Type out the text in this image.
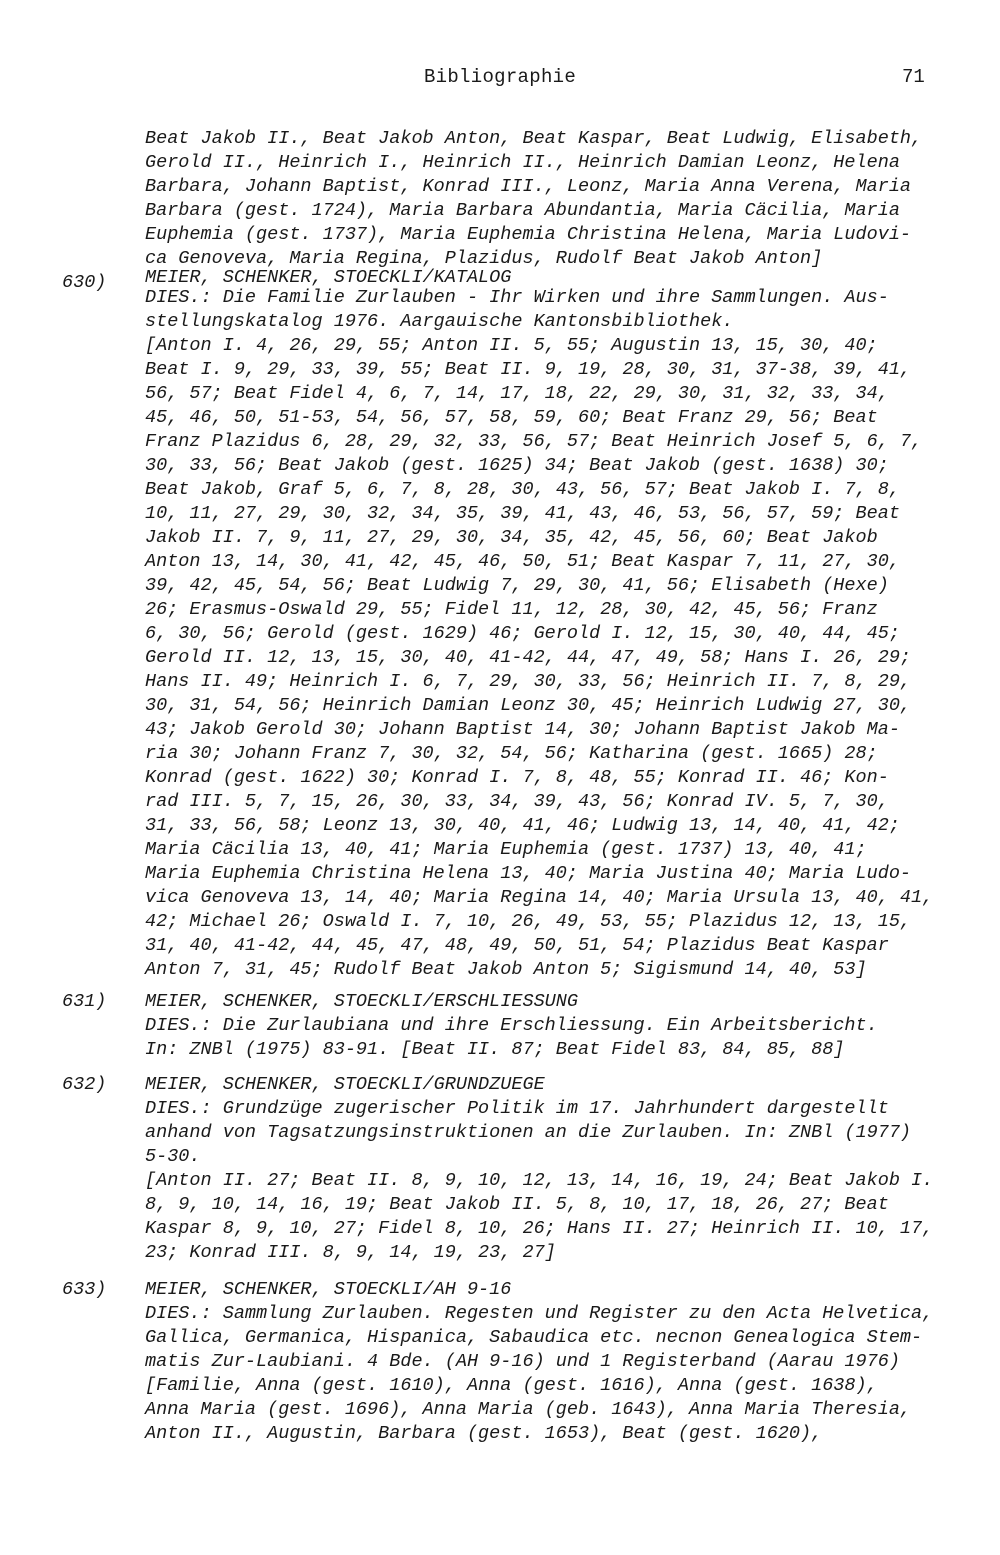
Bibliographie	71
Beat Jakob II., Beat Jakob Anton, Beat Kaspar, Beat Ludwig, Elisabeth,
Gerold II., Heinrich I., Heinrich II., Heinrich Damian Leonz, Helena
Barbara, Johann Baptist, Konrad III., Leonz, Maria Anna Verena, Maria
Barbara (gest. 1724), Maria Barbara Abundantia, Maria Cäcilia, Maria
Euphemia (gest. 1737), Maria Euphemia Christina Helena, Maria Ludovi-
ca Genoveva, Maria Regina, Plazidus, Rudolf Beat Jakob Anton]
630) MEIER, SCHENKER, STOECKLI/KATALOG
DIES.: Die Familie Zurlauben - Ihr Wirken und ihre Sammlungen. Aus-
stellungskatalog 1976. Aargauische Kantonsbibliothek.
[Anton I. 4, 26, 29, 55; Anton II. 5, 55; Augustin 13, 15, 30, 40;
Beat I. 9, 29, 33, 39, 55; Beat II. 9, 19, 28, 30, 31, 37-38, 39, 41,
56, 57; Beat Fidel 4, 6, 7, 14, 17, 18, 22, 29, 30, 31, 32, 33, 34,
45, 46, 50, 51-53, 54, 56, 57, 58, 59, 60; Beat Franz 29, 56; Beat
Franz Plazidus 6, 28, 29, 32, 33, 56, 57; Beat Heinrich Josef 5, 6, 7,
30, 33, 56; Beat Jakob (gest. 1625) 34; Beat Jakob (gest. 1638) 30;
Beat Jakob, Graf 5, 6, 7, 8, 28, 30, 43, 56, 57; Beat Jakob I. 7, 8,
10, 11, 27, 29, 30, 32, 34, 35, 39, 41, 43, 46, 53, 56, 57, 59; Beat
Jakob II. 7, 9, 11, 27, 29, 30, 34, 35, 42, 45, 56, 60; Beat Jakob
Anton 13, 14, 30, 41, 42, 45, 46, 50, 51; Beat Kaspar 7, 11, 27, 30,
39, 42, 45, 54, 56; Beat Ludwig 7, 29, 30, 41, 56; Elisabeth (Hexe)
26; Erasmus-Oswald 29, 55; Fidel 11, 12, 28, 30, 42, 45, 56; Franz
6, 30, 56; Gerold (gest. 1629) 46; Gerold I. 12, 15, 30, 40, 44, 45;
Gerold II. 12, 13, 15, 30, 40, 41-42, 44, 47, 49, 58; Hans I. 26, 29;
Hans II. 49; Heinrich I. 6, 7, 29, 30, 33, 56; Heinrich II. 7, 8, 29,
30, 31, 54, 56; Heinrich Damian Leonz 30, 45; Heinrich Ludwig 27, 30,
43; Jakob Gerold 30; Johann Baptist 14, 30; Johann Baptist Jakob Ma-
ria 30; Johann Franz 7, 30, 32, 54, 56; Katharina (gest. 1665) 28;
Konrad (gest. 1622) 30; Konrad I. 7, 8, 48, 55; Konrad II. 46; Kon-
rad III. 5, 7, 15, 26, 30, 33, 34, 39, 43, 56; Konrad IV. 5, 7, 30,
31, 33, 56, 58; Leonz 13, 30, 40, 41, 46; Ludwig 13, 14, 40, 41, 42;
Maria Cäcilia 13, 40, 41; Maria Euphemia (gest. 1737) 13, 40, 41;
Maria Euphemia Christina Helena 13, 40; Maria Justina 40; Maria Ludo-
vica Genoveva 13, 14, 40; Maria Regina 14, 40; Maria Ursula 13, 40, 41,
42; Michael 26; Oswald I. 7, 10, 26, 49, 53, 55; Plazidus 12, 13, 15,
31, 40, 41-42, 44, 45, 47, 48, 49, 50, 51, 54; Plazidus Beat Kaspar
Anton 7, 31, 45; Rudolf Beat Jakob Anton 5; Sigismund 14, 40, 53]
631) MEIER, SCHENKER, STOECKLI/ERSCHLIESSUNG
DIES.: Die Zurlaubiana und ihre Erschliessung. Ein Arbeitsbericht.
In: ZNBl (1975) 83-91. [Beat II. 87; Beat Fidel 83, 84, 85, 88]
632) MEIER, SCHENKER, STOECKLI/GRUNDZUEGE
DIES.: Grundzüge zugerischer Politik im 17. Jahrhundert dargestellt
anhand von Tagsatzungsinstruktionen an die Zurlauben. In: ZNBl (1977)
5-30.
[Anton II. 27; Beat II. 8, 9, 10, 12, 13, 14, 16, 19, 24; Beat Jakob I.
8, 9, 10, 14, 16, 19; Beat Jakob II. 5, 8, 10, 17, 18, 26, 27; Beat
Kaspar 8, 9, 10, 27; Fidel 8, 10, 26; Hans II. 27; Heinrich II. 10, 17,
23; Konrad III. 8, 9, 14, 19, 23, 27]
633) MEIER, SCHENKER, STOECKLI/AH 9-16
DIES.: Sammlung Zurlauben. Regesten und Register zu den Acta Helvetica,
Gallica, Germanica, Hispanica, Sabaudica etc. necnon Genealogica Stem-
matis Zur-Laubiani. 4 Bde. (AH 9-16) und 1 Registerband (Aarau 1976)
[Familie, Anna (gest. 1610), Anna (gest. 1616), Anna (gest. 1638),
Anna Maria (gest. 1696), Anna Maria (geb. 1643), Anna Maria Theresia,
Anton II., Augustin, Barbara (gest. 1653), Beat (gest. 1620),
